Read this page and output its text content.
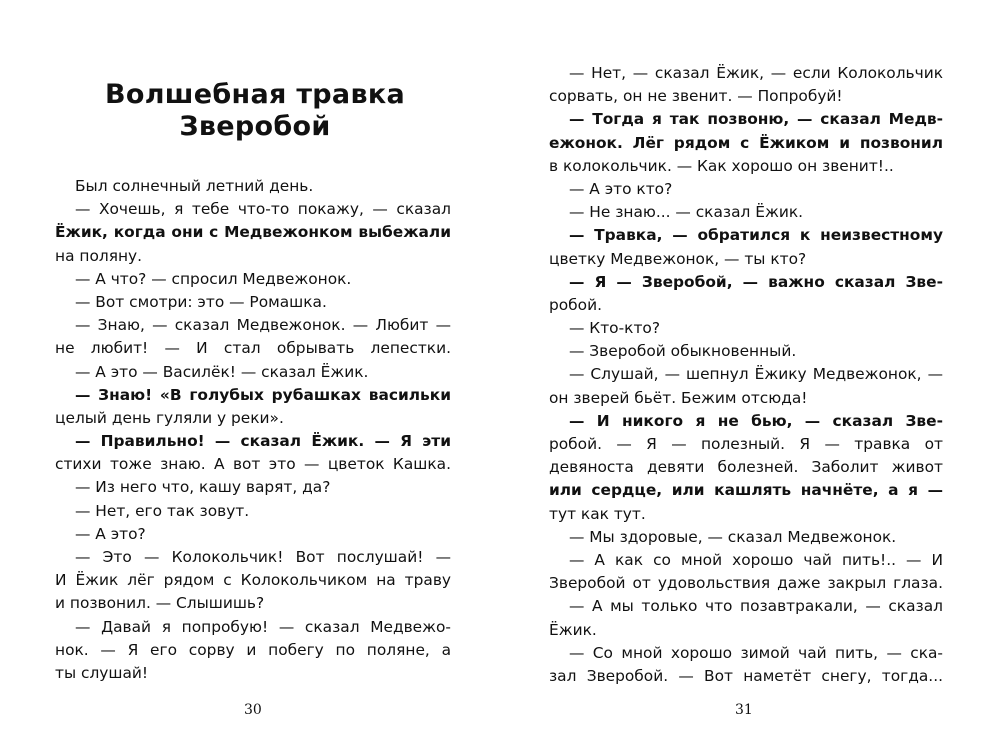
Волшебная травка
Зверобой
Был солнечный летний день.
— Хочешь, я тебе что-то покажу, — сказал
Ёжик, когда они с Медвежонком выбежали
на поляну.
— А что? — спросил Медвежонок.
— Вот смотри: это — Ромашка.
— Знаю, — сказал Медвежонок. — Любит —
не любит! — И стал обрывать лепестки.
— А это — Василёк! — сказал Ёжик.
— Знаю! «В голубых рубашках васильки
целый день гуляли у реки».
— Правильно! — сказал Ёжик. — Я эти
стихи тоже знаю. А вот это — цветок Кашка.
— Из него что, кашу варят, да?
— Нет, его так зовут.
— А это?
— Это — Колокольчик! Вот послушай! —
И Ёжик лёг рядом с Колокольчиком на траву
и позвонил. — Слышишь?
— Давай я попробую! — сказал Медвежо-
нок. — Я его сорву и побегу по поляне, а
ты слушай!
30
— Нет, — сказал Ёжик, — если Колокольчик
сорвать, он не звенит. — Попробуй!
— Тогда я так позвоню, — сказал Медв-
ежонок. Лёг рядом с Ёжиком и позвонил
в колокольчик. — Как хорошо он звенит!..
— А это кто?
— Не знаю... — сказал Ёжик.
— Травка, — обратился к неизвестному
цветку Медвежонок, — ты кто?
— Я — Зверобой, — важно сказал Зве-
робой.
— Кто-кто?
— Зверобой обыкновенный.
— Слушай, — шепнул Ёжику Медвежонок, —
он зверей бьёт. Бежим отсюда!
— И никого я не бью, — сказал Зве-
робой. — Я — полезный. Я — травка от
девяноста девяти болезней. Заболит живот
или сердце, или кашлять начнёте, а я —
тут как тут.
— Мы здоровые, — сказал Медвежонок.
— А как со мной хорошо чай пить!.. — И
Зверобой от удовольствия даже закрыл глаза.
— А мы только что позавтракали, — сказал
Ёжик.
— Со мной хорошо зимой чай пить, — ска-
зал Зверобой. — Вот наметёт снегу, тогда...
31
